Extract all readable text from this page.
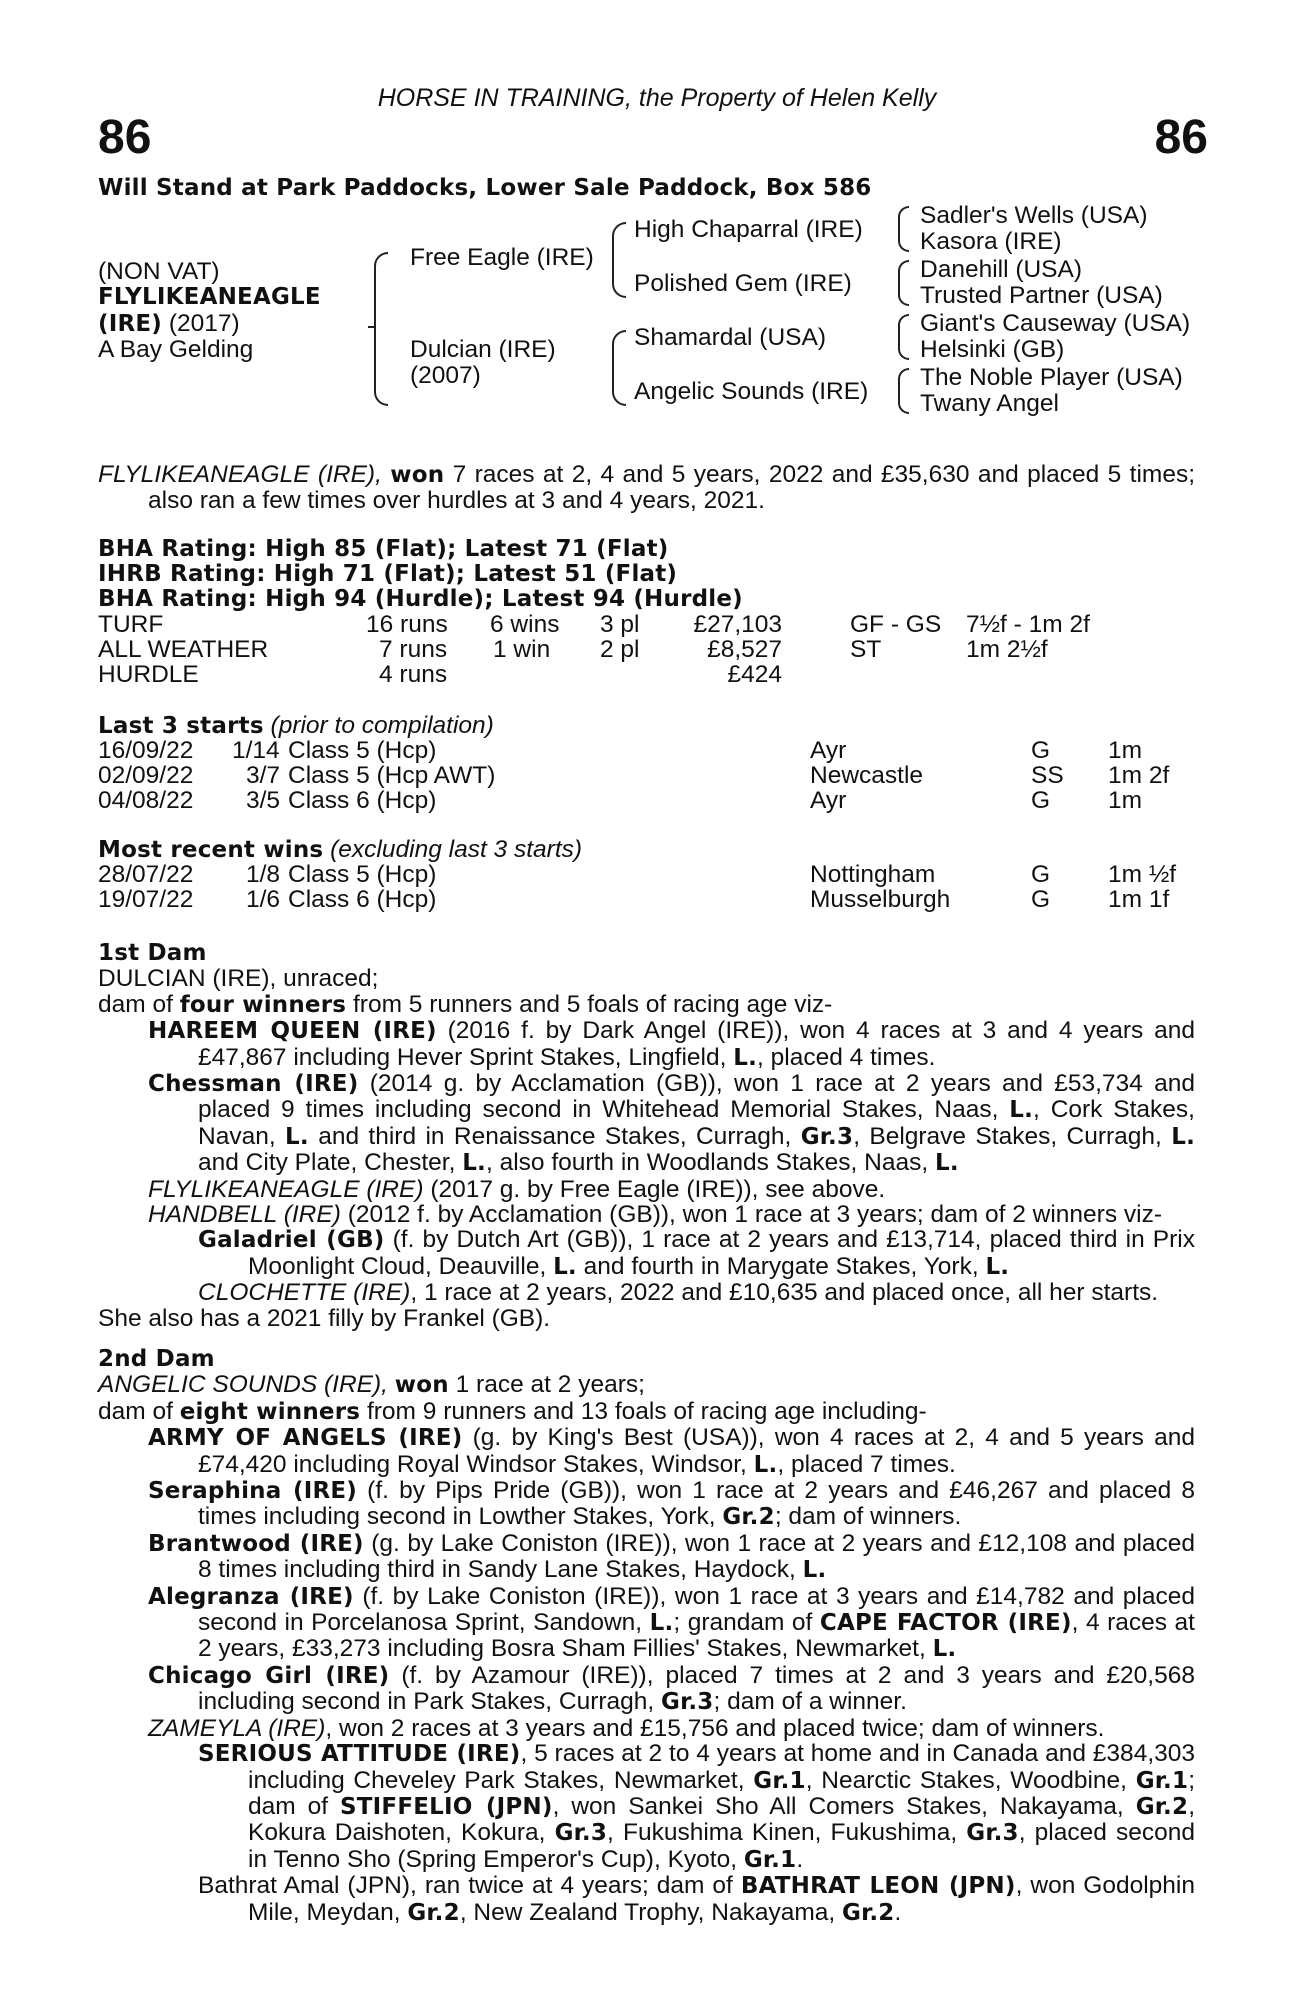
HORSE IN TRAINING, the Property of Helen Kelly
86	86
Will Stand at Park Paddocks, Lower Sale Paddock, Box 586
(NON VAT)
FLYLIKEANEAGLE
(IRE) (2017)
A Bay Gelding
Free Eagle (IRE)
Dulcian (IRE)
(2007)
High Chaparral (IRE)
Polished Gem (IRE)
Shamardal (USA)
Angelic Sounds (IRE)
Sadler's Wells (USA)
Kasora (IRE)
Danehill (USA)
Trusted Partner (USA)
Giant's Causeway (USA)
Helsinki (GB)
The Noble Player (USA)
Twany Angel

FLYLIKEANEAGLE (IRE), won 7 races at 2, 4 and 5 years, 2022 and £35,630 and placed 5 times; also ran a few times over hurdles at 3 and 4 years, 2021.

BHA Rating: High 85 (Flat); Latest 71 (Flat)
IHRB Rating: High 71 (Flat); Latest 51 (Flat)
BHA Rating: High 94 (Hurdle); Latest 94 (Hurdle)
TURF	16 runs 6 wins 3 pl £27,103	GF - GS 7½f - 1m 2f
ALL WEATHER	7 runs 1 win 2 pl	£8,527	ST	1m 2½f
HURDLE	4 runs	£424
Last 3 starts (prior to compilation)
16/09/22 1/14 Class 5 (Hcp)	Ayr	G 1m
02/09/22 3/7 Class 5 (Hcp AWT)	Newcastle	SS 1m 2f
04/08/22 3/5 Class 6 (Hcp)	Ayr	G 1m
Most recent wins (excluding last 3 starts)
28/07/22 1/8 Class 5 (Hcp)	Nottingham	G 1m ½f
19/07/22 1/6 Class 6 (Hcp)	Musselburgh	G 1m 1f

1st Dam

DULCIAN (IRE), unraced;

dam of four winners from 5 runners and 5 foals of racing age viz-

HAREEM QUEEN (IRE) (2016 f. by Dark Angel (IRE)), won 4 races at 3 and 4 years and £47,867 including Hever Sprint Stakes, Lingfield, L., placed 4 times.

Chessman (IRE) (2014 g. by Acclamation (GB)), won 1 race at 2 years and £53,734 and placed 9 times including second in Whitehead Memorial Stakes, Naas, L., Cork Stakes, Navan, L. and third in Renaissance Stakes, Curragh, Gr.3, Belgrave Stakes, Curragh, L. and City Plate, Chester, L., also fourth in Woodlands Stakes, Naas, L.

FLYLIKEANEAGLE (IRE) (2017 g. by Free Eagle (IRE)), see above.

HANDBELL (IRE) (2012 f. by Acclamation (GB)), won 1 race at 3 years; dam of 2 winners viz-

Galadriel (GB) (f. by Dutch Art (GB)), 1 race at 2 years and £13,714, placed third in Prix Moonlight Cloud, Deauville, L. and fourth in Marygate Stakes, York, L.

CLOCHETTE (IRE), 1 race at 2 years, 2022 and £10,635 and placed once, all her starts.

She also has a 2021 filly by Frankel (GB).

2nd Dam

ANGELIC SOUNDS (IRE), won 1 race at 2 years;

dam of eight winners from 9 runners and 13 foals of racing age including-

ARMY OF ANGELS (IRE) (g. by King's Best (USA)), won 4 races at 2, 4 and 5 years and £74,420 including Royal Windsor Stakes, Windsor, L., placed 7 times.

Seraphina (IRE) (f. by Pips Pride (GB)), won 1 race at 2 years and £46,267 and placed 8 times including second in Lowther Stakes, York, Gr.2; dam of winners.

Brantwood (IRE) (g. by Lake Coniston (IRE)), won 1 race at 2 years and £12,108 and placed 8 times including third in Sandy Lane Stakes, Haydock, L.

Alegranza (IRE) (f. by Lake Coniston (IRE)), won 1 race at 3 years and £14,782 and placed second in Porcelanosa Sprint, Sandown, L.; grandam of CAPE FACTOR (IRE), 4 races at 2 years, £33,273 including Bosra Sham Fillies' Stakes, Newmarket, L.

Chicago Girl (IRE) (f. by Azamour (IRE)), placed 7 times at 2 and 3 years and £20,568 including second in Park Stakes, Curragh, Gr.3; dam of a winner.

ZAMEYLA (IRE), won 2 races at 3 years and £15,756 and placed twice; dam of winners.

SERIOUS ATTITUDE (IRE), 5 races at 2 to 4 years at home and in Canada and £384,303 including Cheveley Park Stakes, Newmarket, Gr.1, Nearctic Stakes, Woodbine, Gr.1; dam of STIFFELIO (JPN), won Sankei Sho All Comers Stakes, Nakayama, Gr.2, Kokura Daishoten, Kokura, Gr.3, Fukushima Kinen, Fukushima, Gr.3, placed second in Tenno Sho (Spring Emperor's Cup), Kyoto, Gr.1.

Bathrat Amal (JPN), ran twice at 4 years; dam of BATHRAT LEON (JPN), won Godolphin Mile, Meydan, Gr.2, New Zealand Trophy, Nakayama, Gr.2.
